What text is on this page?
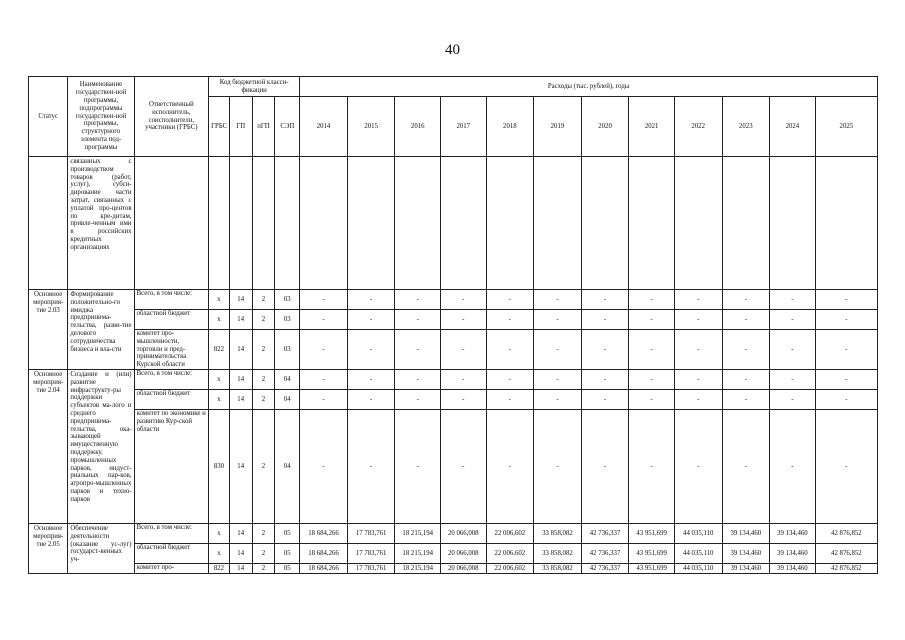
40
Статус	Наименование государствен-ной программы, подпрограммы государствен-ной программы, структурного элемента под-программы	Ответственный исполнитель, соисполнители, участники (ГРБС)	Код бюджетной класси-фикации				Расходы (тыс. рублей), годы											
			ГРБС	ГП	пГП	СЭП	2014	2015	2016	2017	2018	2019	2020	2021	2022	2023	2024	2025
	связанных с производством товаров (работ, услуг), субси-дирование части затрат, связанных с уплатой про-центов по кре-дитам, привле-ченным ими в российских кредитных организациях																	
Основное мероприя-тие 2.03	Формирование положительно-го имиджа предпринима-тельства, разви-тие делового сотрудничества бизнеса и вла-сти	Всего, в том числе:	х	14	2	03	-	-	-	-	-	-	-	-	-	-	-	-
		областной бюджет	х	14	2	03	-	-	-	-	-	-	-	-	-	-	-	-
		комитет про-мышленности, торговли и пред-принимательства Курской области	822	14	2	03	-	-	-	-	-	-	-	-	-	-	-	-
Основное мероприя-тие 2.04	Создание и (или) развитие инфраструкту-ры поддержки субъектов ма-лого и среднего предпринима-тельства, ока-зывающей имущественную поддержку, промышленных парков, индуст-риальных пар-ков, агропро-мышленных парков и техно-парков	Всего, в том числе:	х	14	2	04	-	-	-	-	-	-	-	-	-	-	-	-
		областной бюджет	х	14	2	04	-	-	-	-	-	-	-	-	-	-	-	-
		комитет по экономике и развитию Кур-ской области	830	14	2	04	-	-	-	-	-	-	-	-	-	-	-	-
Основное мероприя-тие 2.05	Обеспечение деятельности (оказание ус-луг) государст-венных уч-	Всего, в том числе:	х	14	2	05	18 684,266	17 783,761	18 215,194	20 066,008	22 006,602	33 858,082	42 736,337	43 951,699	44 035,110	39 134,460	39 134,460	42 876,852
		областной бюджет	х	14	2	05	18 684,266	17 783,761	18 215,194	20 066,008	22 006,602	33 858,082	42 736,337	43 951,699	44 035,110	39 134,460	39 134,460	42 876,852
		комитет про-	822	14	2	05	18 684,266	17 783,761	18 215,194	20 066,008	22 006,602	33 858,082	42 736,337	43 951,699	44 035,110	39 134,460	39 134,460	42 876,852
